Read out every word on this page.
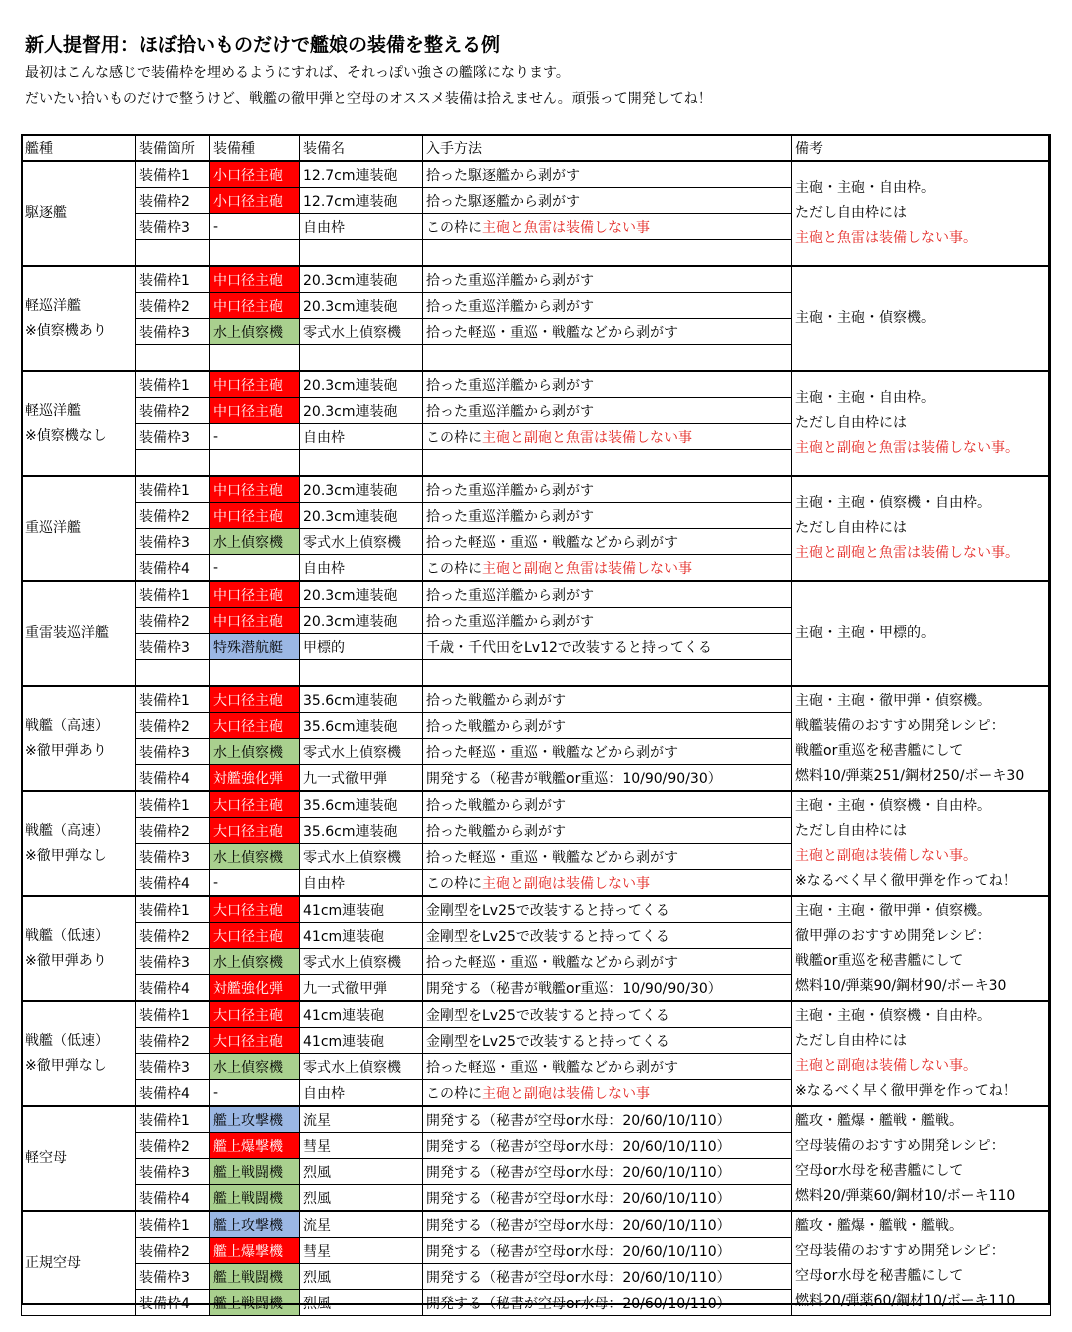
新人提督用：ほぼ拾いものだけで艦娘の装備を整える例
最初はこんな感じで装備枠を埋めるようにすれば、それっぽい強さの艦隊になります。
だいたい拾いものだけで整うけど、戦艦の徹甲弾と空母のオススメ装備は拾えません。頑張って開発してね！
艦種	装備箇所	装備種	装備名	入手方法	備考

駆逐艦	装備枠1	小口径主砲	12.7cm連装砲	拾った駆逐艦から剥がす	主砲・主砲・自由枠。
ただし自由枠には
主砲と魚雷は装備しない事。

	装備枠2	小口径主砲	12.7cm連装砲	拾った駆逐艦から剥がす	
	装備枠3	-	自由枠	この枠に主砲と魚雷は装備しない事	

軽巡洋艦
※偵察機あり	装備枠1	中口径主砲	20.3cm連装砲	拾った重巡洋艦から剥がす	主砲・主砲・偵察機。

	装備枠2	中口径主砲	20.3cm連装砲	拾った重巡洋艦から剥がす	
	装備枠3	水上偵察機	零式水上偵察機	拾った軽巡・重巡・戦艦などから剥がす	

軽巡洋艦
※偵察機なし	装備枠1	中口径主砲	20.3cm連装砲	拾った重巡洋艦から剥がす	主砲・主砲・自由枠。
ただし自由枠には
主砲と副砲と魚雷は装備しない事。

	装備枠2	中口径主砲	20.3cm連装砲	拾った重巡洋艦から剥がす	
	装備枠3	-	自由枠	この枠に主砲と副砲と魚雷は装備しない事	

重巡洋艦	装備枠1	中口径主砲	20.3cm連装砲	拾った重巡洋艦から剥がす	主砲・主砲・偵察機・自由枠。
ただし自由枠には
主砲と副砲と魚雷は装備しない事。

	装備枠2	中口径主砲	20.3cm連装砲	拾った重巡洋艦から剥がす	
	装備枠3	水上偵察機	零式水上偵察機	拾った軽巡・重巡・戦艦などから剥がす	
	装備枠4	-	自由枠	この枠に主砲と副砲と魚雷は装備しない事	

重雷装巡洋艦	装備枠1	中口径主砲	20.3cm連装砲	拾った重巡洋艦から剥がす	主砲・主砲・甲標的。

	装備枠2	中口径主砲	20.3cm連装砲	拾った重巡洋艦から剥がす	
	装備枠3	特殊潜航艇	甲標的	千歳・千代田をLv12で改装すると持ってくる	

戦艦（高速）
※徹甲弾あり	装備枠1	大口径主砲	35.6cm連装砲	拾った戦艦から剥がす	主砲・主砲・徹甲弾・偵察機。
戦艦装備のおすすめ開発レシピ：
戦艦or重巡を秘書艦にして
燃料10/弾薬251/鋼材250/ボーキ30

	装備枠2	大口径主砲	35.6cm連装砲	拾った戦艦から剥がす	
	装備枠3	水上偵察機	零式水上偵察機	拾った軽巡・重巡・戦艦などから剥がす	
	装備枠4	対艦強化弾	九一式徹甲弾	開発する（秘書が戦艦or重巡：10/90/90/30）	

戦艦（高速）
※徹甲弾なし	装備枠1	大口径主砲	35.6cm連装砲	拾った戦艦から剥がす	主砲・主砲・偵察機・自由枠。
ただし自由枠には
主砲と副砲は装備しない事。
※なるべく早く徹甲弾を作ってね！

	装備枠2	大口径主砲	35.6cm連装砲	拾った戦艦から剥がす	
	装備枠3	水上偵察機	零式水上偵察機	拾った軽巡・重巡・戦艦などから剥がす	
	装備枠4	-	自由枠	この枠に主砲と副砲は装備しない事	

戦艦（低速）
※徹甲弾あり	装備枠1	大口径主砲	41cm連装砲	金剛型をLv25で改装すると持ってくる	主砲・主砲・徹甲弾・偵察機。
徹甲弾のおすすめ開発レシピ：
戦艦or重巡を秘書艦にして
燃料10/弾薬90/鋼材90/ボーキ30

	装備枠2	大口径主砲	41cm連装砲	金剛型をLv25で改装すると持ってくる	
	装備枠3	水上偵察機	零式水上偵察機	拾った軽巡・重巡・戦艦などから剥がす	
	装備枠4	対艦強化弾	九一式徹甲弾	開発する（秘書が戦艦or重巡：10/90/90/30）	

戦艦（低速）
※徹甲弾なし	装備枠1	大口径主砲	41cm連装砲	金剛型をLv25で改装すると持ってくる	主砲・主砲・偵察機・自由枠。
ただし自由枠には
主砲と副砲は装備しない事。
※なるべく早く徹甲弾を作ってね！

	装備枠2	大口径主砲	41cm連装砲	金剛型をLv25で改装すると持ってくる	
	装備枠3	水上偵察機	零式水上偵察機	拾った軽巡・重巡・戦艦などから剥がす	
	装備枠4	-	自由枠	この枠に主砲と副砲は装備しない事	

軽空母	装備枠1	艦上攻撃機	流星	開発する（秘書が空母or水母：20/60/10/110）	艦攻・艦爆・艦戦・艦戦。
空母装備のおすすめ開発レシピ：
空母or水母を秘書艦にして
燃料20/弾薬60/鋼材10/ボーキ110

	装備枠2	艦上爆撃機	彗星	開発する（秘書が空母or水母：20/60/10/110）	
	装備枠3	艦上戦闘機	烈風	開発する（秘書が空母or水母：20/60/10/110）	
	装備枠4	艦上戦闘機	烈風	開発する（秘書が空母or水母：20/60/10/110）	

正規空母	装備枠1	艦上攻撃機	流星	開発する（秘書が空母or水母：20/60/10/110）	艦攻・艦爆・艦戦・艦戦。
空母装備のおすすめ開発レシピ：
空母or水母を秘書艦にして
燃料20/弾薬60/鋼材10/ボーキ110

	装備枠2	艦上爆撃機	彗星	開発する（秘書が空母or水母：20/60/10/110）	
	装備枠3	艦上戦闘機	烈風	開発する（秘書が空母or水母：20/60/10/110）	
	装備枠4	艦上戦闘機	烈風	開発する（秘書が空母or水母：20/60/10/110）	
